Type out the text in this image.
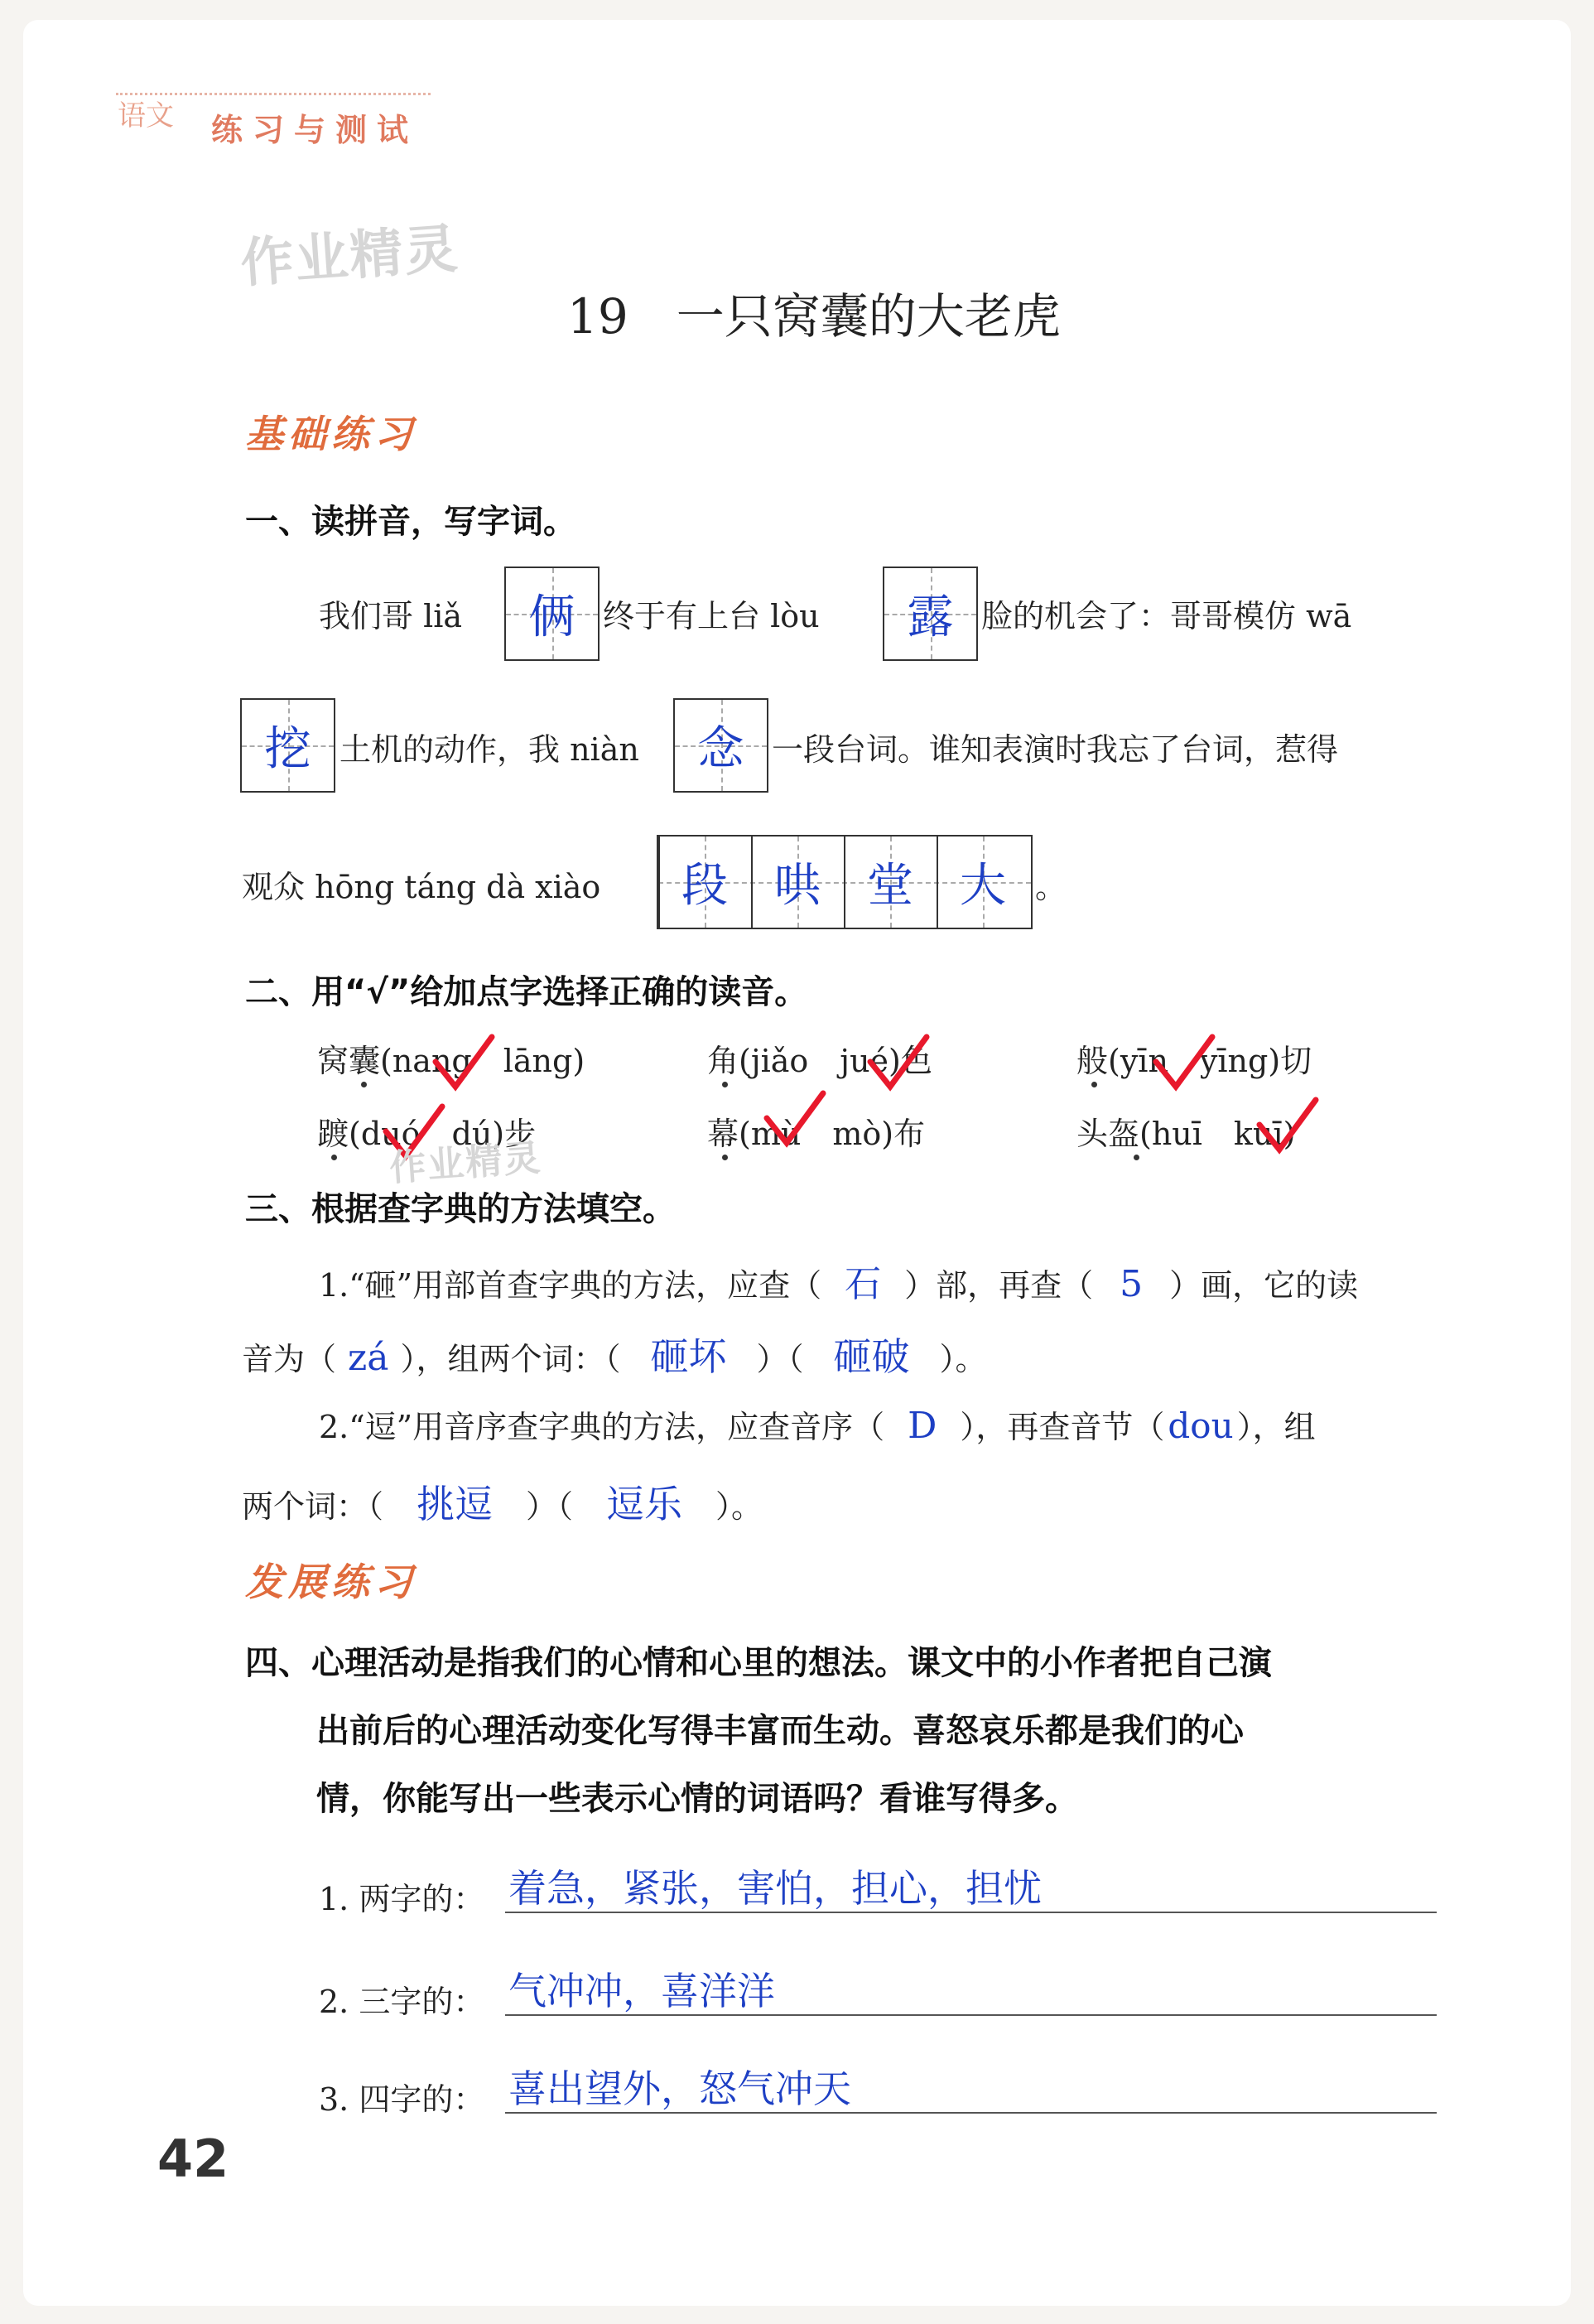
语文 练习与测试
作业精灵
19　一只窝囊的大老虎
基础练习
一、读拼音，写字词。
我们哥 liǎ	俩 终于有上台 lòu	露 脸的机会了：哥哥模仿 wā
挖 土机的动作，我 niàn	念 一段台词。谁知表演时我忘了台词，惹得
观众 hōng táng dà xiào	段	哄	堂	大 。
二、用“√”给加点字选择正确的读音。
窝囊(nang　lāng)	角(jiǎo　jué)色	般(yīn　yīng)切
踱(duó　dú)步	幕(mù　mò)布	头盔(huī　kuī)
作业精灵
三、根据查字典的方法填空。
1.“砸”用部首查字典的方法，应查（ 石 ）部，再查（ 5 ）画，它的读
音为（ zá ），组两个词：（ 砸坏 ）（ 砸破 ）。
2.“逗”用音序查字典的方法，应查音序（ D ），再查音节（dou ），组
两个词：（ 挑逗 ）（ 逗乐 ）。
发展练习
四、心理活动是指我们的心情和心里的想法。课文中的小作者把自己演
出前后的心理活动变化写得丰富而生动。喜怒哀乐都是我们的心
情，你能写出一些表示心情的词语吗？看谁写得多。
1. 两字的： 着急，紧张，害怕，担心，担忧
2. 三字的： 气冲冲，喜洋洋
3. 四字的： 喜出望外，怒气冲天
42
